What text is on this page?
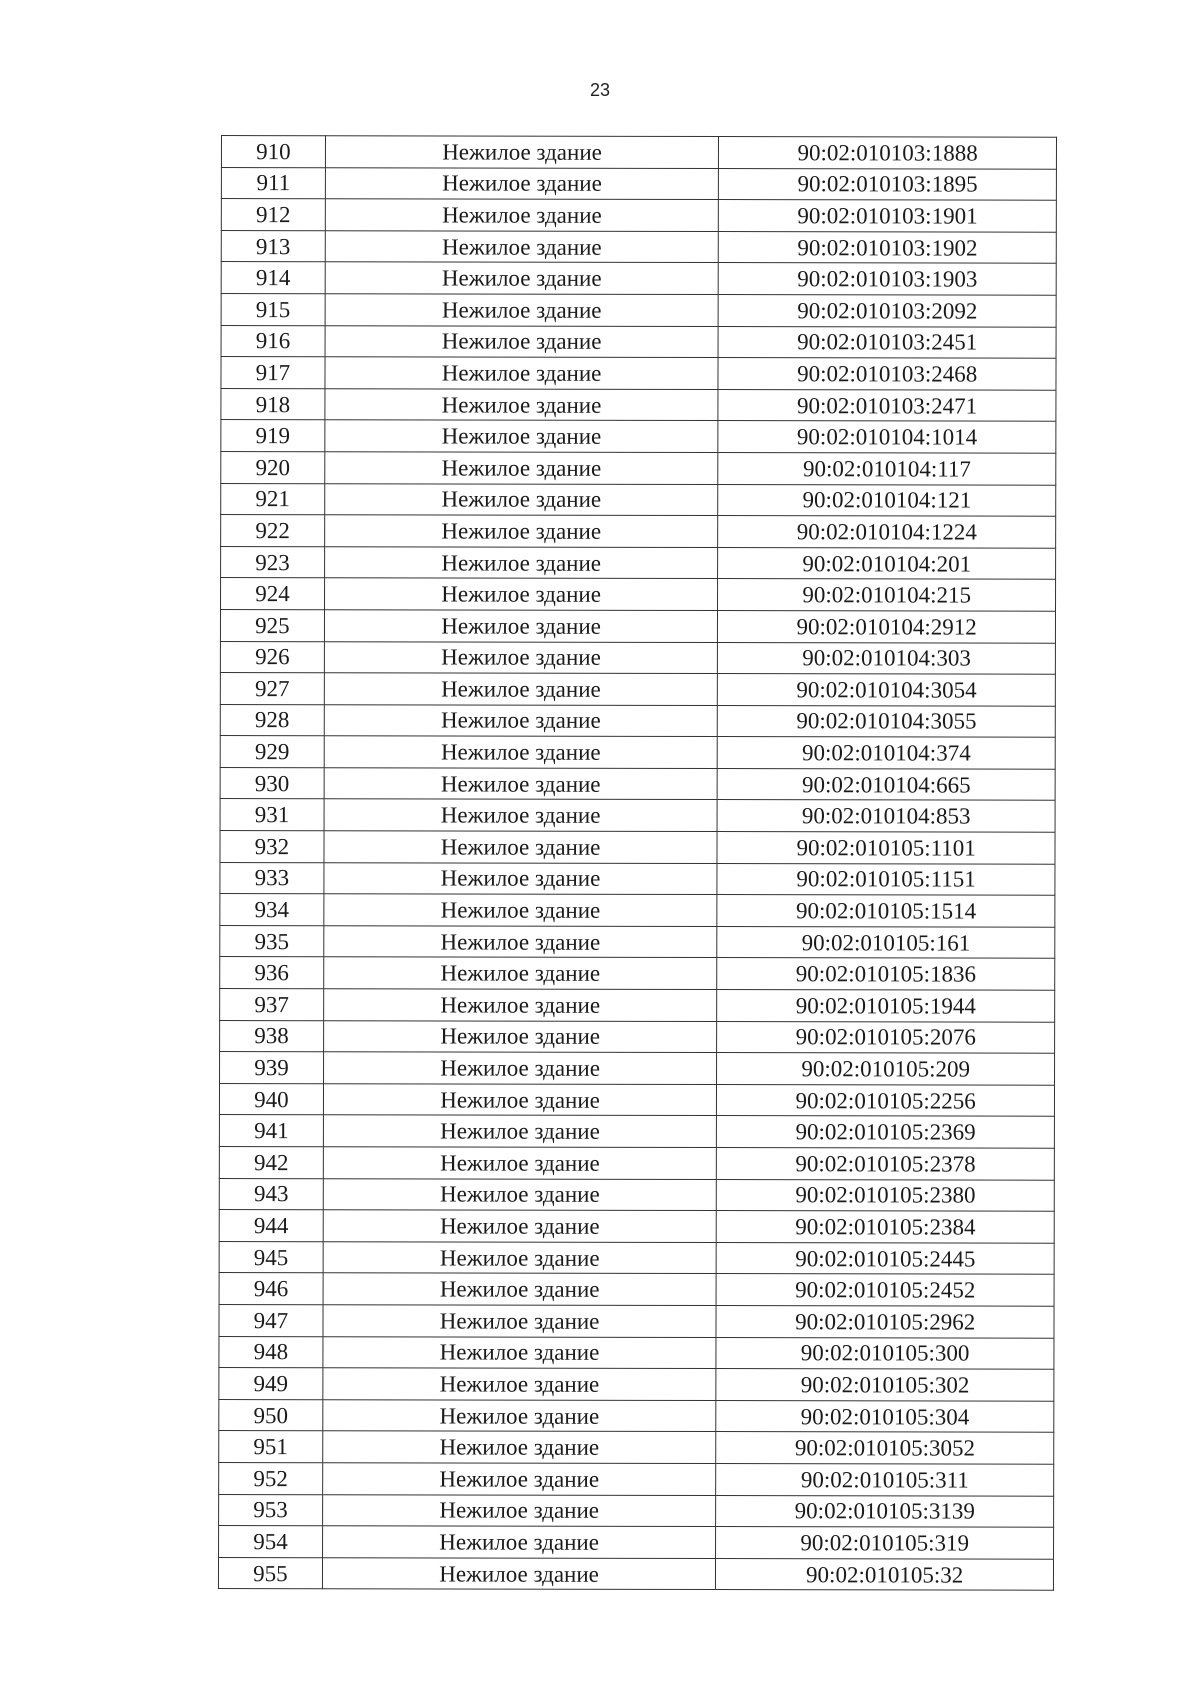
23
910	Нежилое здание	90:02:010103:1888
911	Нежилое здание	90:02:010103:1895
912	Нежилое здание	90:02:010103:1901
913	Нежилое здание	90:02:010103:1902
914	Нежилое здание	90:02:010103:1903
915	Нежилое здание	90:02:010103:2092
916	Нежилое здание	90:02:010103:2451
917	Нежилое здание	90:02:010103:2468
918	Нежилое здание	90:02:010103:2471
919	Нежилое здание	90:02:010104:1014
920	Нежилое здание	90:02:010104:117
921	Нежилое здание	90:02:010104:121
922	Нежилое здание	90:02:010104:1224
923	Нежилое здание	90:02:010104:201
924	Нежилое здание	90:02:010104:215
925	Нежилое здание	90:02:010104:2912
926	Нежилое здание	90:02:010104:303
927	Нежилое здание	90:02:010104:3054
928	Нежилое здание	90:02:010104:3055
929	Нежилое здание	90:02:010104:374
930	Нежилое здание	90:02:010104:665
931	Нежилое здание	90:02:010104:853
932	Нежилое здание	90:02:010105:1101
933	Нежилое здание	90:02:010105:1151
934	Нежилое здание	90:02:010105:1514
935	Нежилое здание	90:02:010105:161
936	Нежилое здание	90:02:010105:1836
937	Нежилое здание	90:02:010105:1944
938	Нежилое здание	90:02:010105:2076
939	Нежилое здание	90:02:010105:209
940	Нежилое здание	90:02:010105:2256
941	Нежилое здание	90:02:010105:2369
942	Нежилое здание	90:02:010105:2378
943	Нежилое здание	90:02:010105:2380
944	Нежилое здание	90:02:010105:2384
945	Нежилое здание	90:02:010105:2445
946	Нежилое здание	90:02:010105:2452
947	Нежилое здание	90:02:010105:2962
948	Нежилое здание	90:02:010105:300
949	Нежилое здание	90:02:010105:302
950	Нежилое здание	90:02:010105:304
951	Нежилое здание	90:02:010105:3052
952	Нежилое здание	90:02:010105:311
953	Нежилое здание	90:02:010105:3139
954	Нежилое здание	90:02:010105:319
955	Нежилое здание	90:02:010105:32
